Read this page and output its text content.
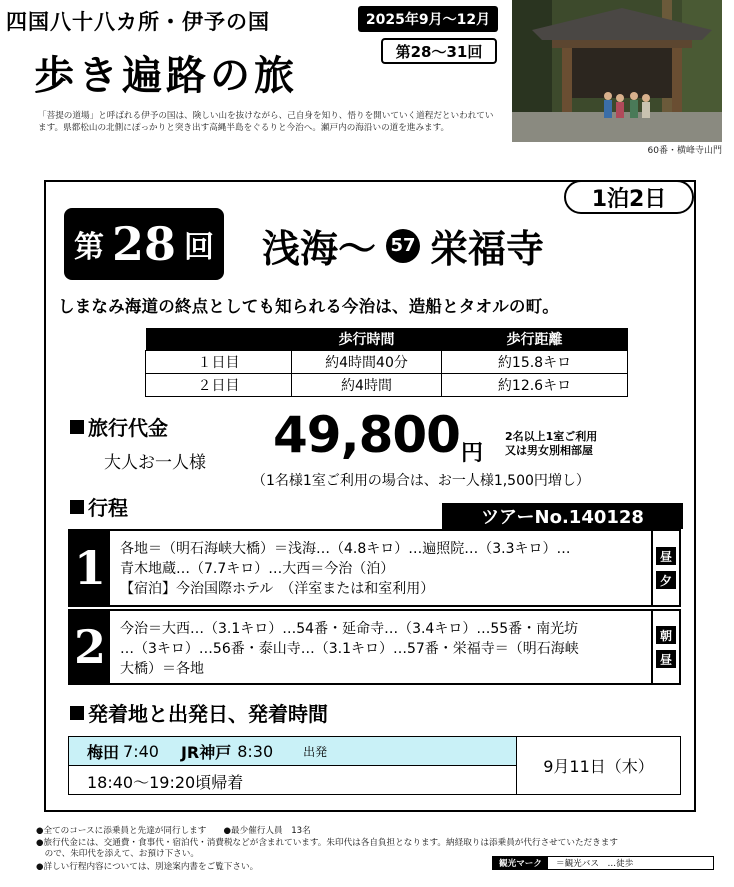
四国八十八カ所・伊予の国	2025年9月～12月
第28～31回
歩き遍路の旅
「菩提の道場」と呼ばれる伊予の国は、険しい山を抜けながら、己自身を知り、悟りを開いていく道程だといわれています。県都松山の北側にぽっかりと突き出す高縄半島をぐるりと今治へ。瀬戸内の海沿いの道を進みます。
60番・横峰寺山門
1泊2日
第 28 回 浅海～ 57 栄福寺
しまなみ海道の終点としても知られる今治は、造船とタオルの町。
	歩行時間	歩行距離
１日目	約4時間40分	約15.8キロ
２日目	約4時間	約12.6キロ
旅行代金
大人お一人様 49,800 円
2名以上1室ご利用
又は男女別相部屋
（1名様1室ご利用の場合は、お一人様1,500円増し）
行程	ツアーNo.140128
1 各地＝（明石海峡大橋）＝浅海…（4.8キロ）…遍照院…（3.3キロ）…
青木地蔵…（7.7キロ）…大西＝今治（泊）
【宿泊】今治国際ホテル　（洋室または和室利用）
昼
夕
2 今治＝大西…（3.1キロ）…54番・延命寺…（3.4キロ）…55番・南光坊
…（3キロ）…56番・泰山寺…（3.1キロ）…57番・栄福寺＝（明石海峡
大橋）＝各地
朝
昼
発着地と出発日、発着時間
梅田 7:40 JR神戸 8:30	出発
18:40～19:20頃帰着
9月11日（木）
●全てのコースに添乗員と先達が同行します　　●最少催行人員　13名
●旅行代金には、交通費・食事代・宿泊代・消費税などが含まれています。朱印代は各自負担となります。納経取りは添乗員が代行させていただきます
　ので、朱印代を添えて、お預け下さい。
●詳しい行程内容については、別途案内書をご覧下さい。	観光マーク	＝観光バス　…徒歩
